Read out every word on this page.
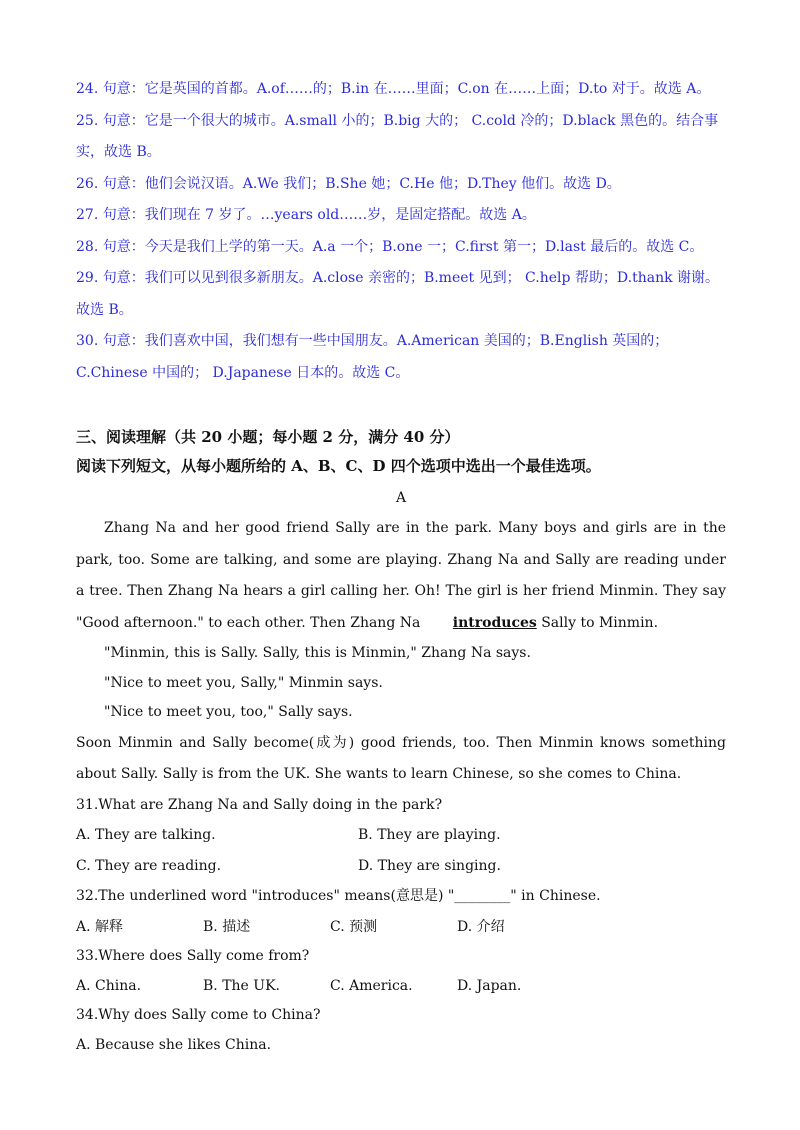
24. 句意：它是英国的首都。A.of……的；B.in 在……里面；C.on 在……上面；D.to 对于。故选 A。

25. 句意：它是一个很大的城市。A.small 小的；B.big 大的； C.cold 冷的；D.black 黑色的。结合事实，故选 B。

26. 句意：他们会说汉语。A.We 我们；B.She 她；C.He 他；D.They 他们。故选 D。

27. 句意：我们现在 7 岁了。…years old……岁，是固定搭配。故选 A。

28. 句意：今天是我们上学的第一天。A.a 一个；B.one 一；C.first 第一；D.last 最后的。故选 C。

29. 句意：我们可以见到很多新朋友。A.close 亲密的；B.meet 见到； C.help 帮助；D.thank 谢谢。故选 B。

30. 句意：我们喜欢中国，我们想有一些中国朋友。A.American 美国的；B.English 英国的；C.Chinese 中国的； D.Japanese 日本的。故选 C。

三、阅读理解（共 20 小题；每小题 2 分，满分 40 分）

阅读下列短文，从每小题所给的 A、B、C、D 四个选项中选出一个最佳选项。

A

Zhang Na and her good friend Sally are in the park. Many boys and girls are in the park, too. Some are talking, and some are playing. Zhang Na and Sally are reading under a tree. Then Zhang Na hears a girl calling her. Oh! The girl is her friend Minmin. They say "Good afternoon." to each other. Then Zhang Na introduces Sally to Minmin.

"Minmin, this is Sally. Sally, this is Minmin," Zhang Na says.

"Nice to meet you, Sally," Minmin says.

"Nice to meet you, too," Sally says.

Soon Minmin and Sally become(成为) good friends, too. Then Minmin knows something about Sally. Sally is from the UK. She wants to learn Chinese, so she comes to China.

31.What are Zhang Na and Sally doing in the park?

A. They are talking.	B. They are playing.
C. They are reading.	D. They are singing.

32.The underlined word "introduces" means(意思是) "________" in Chinese.

A. 解释	B. 描述	C. 预测	D. 介绍

33.Where does Sally come from?

A. China.	B. The UK.	C. America.	D. Japan.

34.Why does Sally come to China?

A. Because she likes China.
